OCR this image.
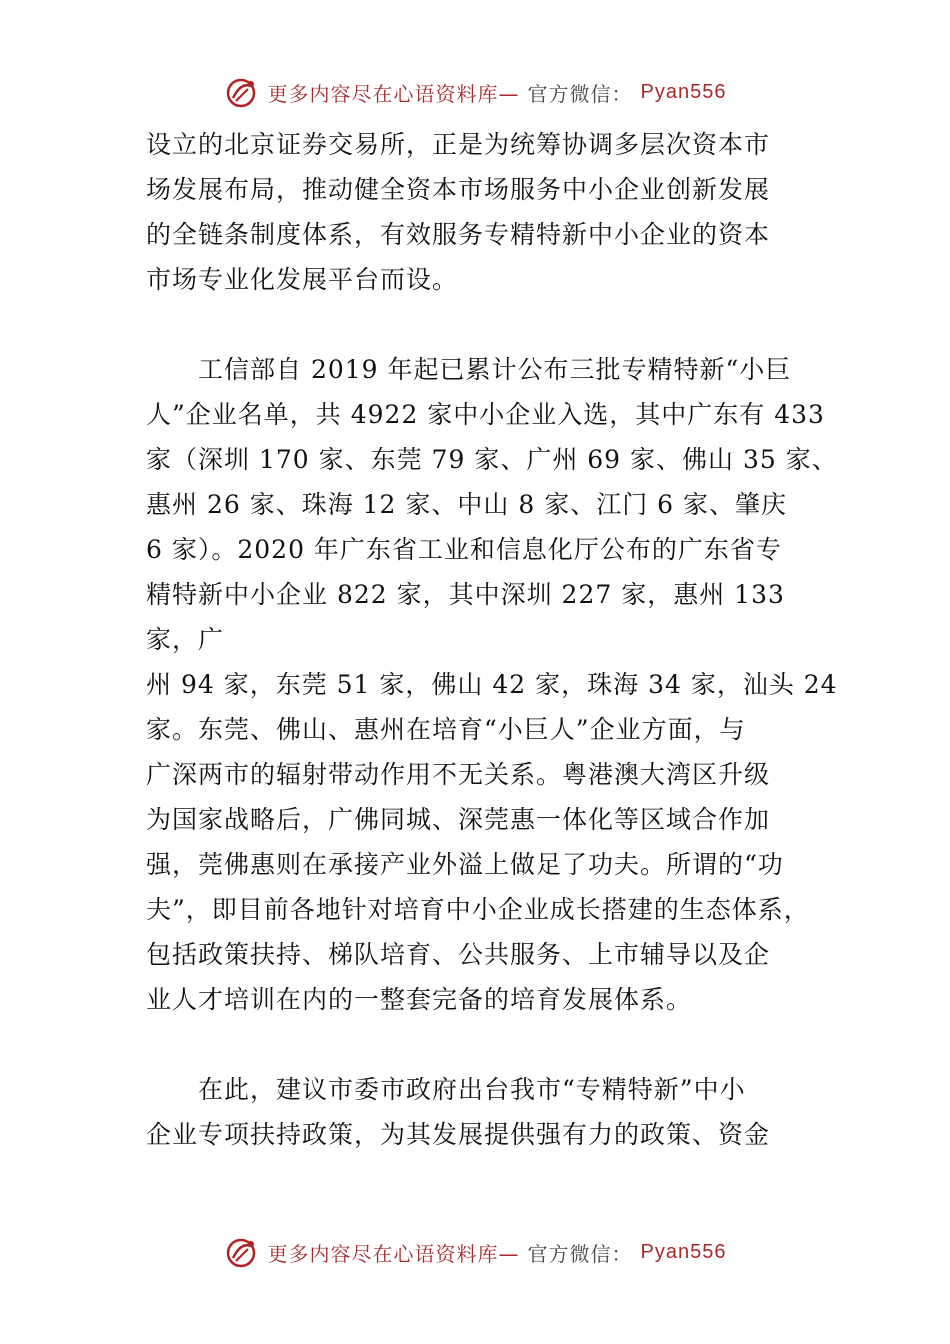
更多内容尽在心语资料库— 官方微信： Pyan556
设立的北京证券交易所，正是为统筹协调多层次资本市
场发展布局，推动健全资本市场服务中小企业创新发展
的全链条制度体系，有效服务专精特新中小企业的资本
市场专业化发展平台而设。
　　工信部自 2019 年起已累计公布三批专精特新“小巨
人”企业名单，共 4922 家中小企业入选，其中广东有 433
家（深圳 170 家、东莞 79 家、广州 69 家、佛山 35 家、
惠州 26 家、珠海 12 家、中山 8 家、江门 6 家、肇庆
6 家）。2020 年广东省工业和信息化厅公布的广东省专
精特新中小企业 822 家，其中深圳 227 家，惠州 133
家，广
州 94 家，东莞 51 家，佛山 42 家，珠海 34 家，汕头 24
家。东莞、佛山、惠州在培育“小巨人”企业方面，与
广深两市的辐射带动作用不无关系。粤港澳大湾区升级
为国家战略后，广佛同城、深莞惠一体化等区域合作加
强，莞佛惠则在承接产业外溢上做足了功夫。所谓的“功
夫”，即目前各地针对培育中小企业成长搭建的生态体系，
包括政策扶持、梯队培育、公共服务、上市辅导以及企
业人才培训在内的一整套完备的培育发展体系。
　　在此，建议市委市政府出台我市“专精特新”中小
企业专项扶持政策，为其发展提供强有力的政策、资金
更多内容尽在心语资料库— 官方微信： Pyan556
